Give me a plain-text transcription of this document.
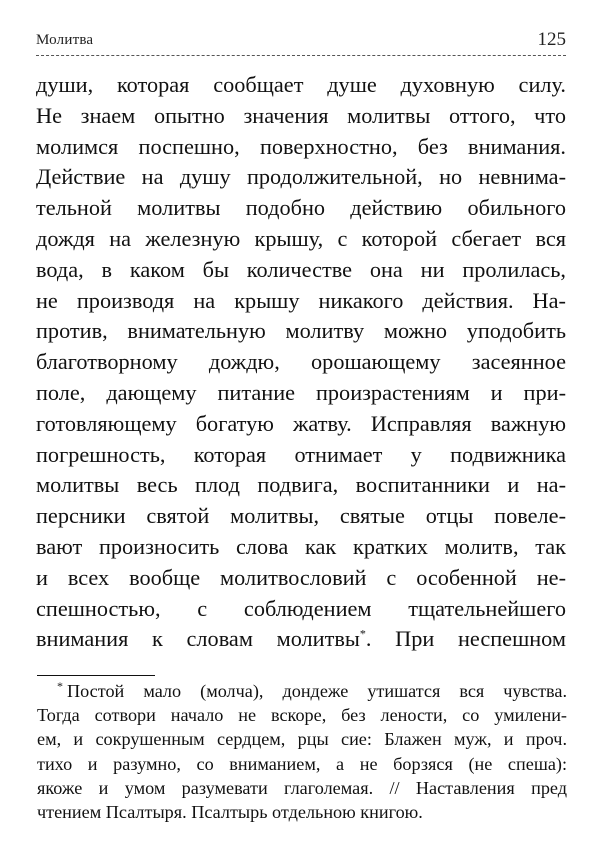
Молитва	125
души, которая сообщает душе духовную силу.
Не знаем опытно значения молитвы оттого, что
молимся поспешно, поверхностно, без внимания.
Действие на душу продолжительной, но невнима-
тельной молитвы подобно действию обильного
дождя на железную крышу, с которой сбегает вся
вода, в каком бы количестве она ни пролилась,
не производя на крышу никакого действия. На-
против, внимательную молитву можно уподобить
благотворному дождю, орошающему засеянное
поле, дающему питание произрастениям и при-
готовляющему богатую жатву. Исправляя важную
погрешность, которая отнимает у подвижника
молитвы весь плод подвига, воспитанники и на-
персники святой молитвы, святые отцы повеле-
вают произносить слова как кратких молитв, так
и всех вообще молитвословий с особенной не-
спешностью, с соблюдением тщательнейшего
внимания к словам молитвы*. При неспешном
* Постой мало (молча), дондеже утишатся вся чувства.
Тогда сотвори начало не вскоре, без лености, со умилени-
ем, и сокрушенным сердцем, рцы сие: Блажен муж, и проч.
тихо и разумно, со вниманием, а не борзяся (не спеша):
якоже и умом разумевати глаголемая. // Наставления пред
чтением Псалтыря. Псалтырь отдельною книгою.
